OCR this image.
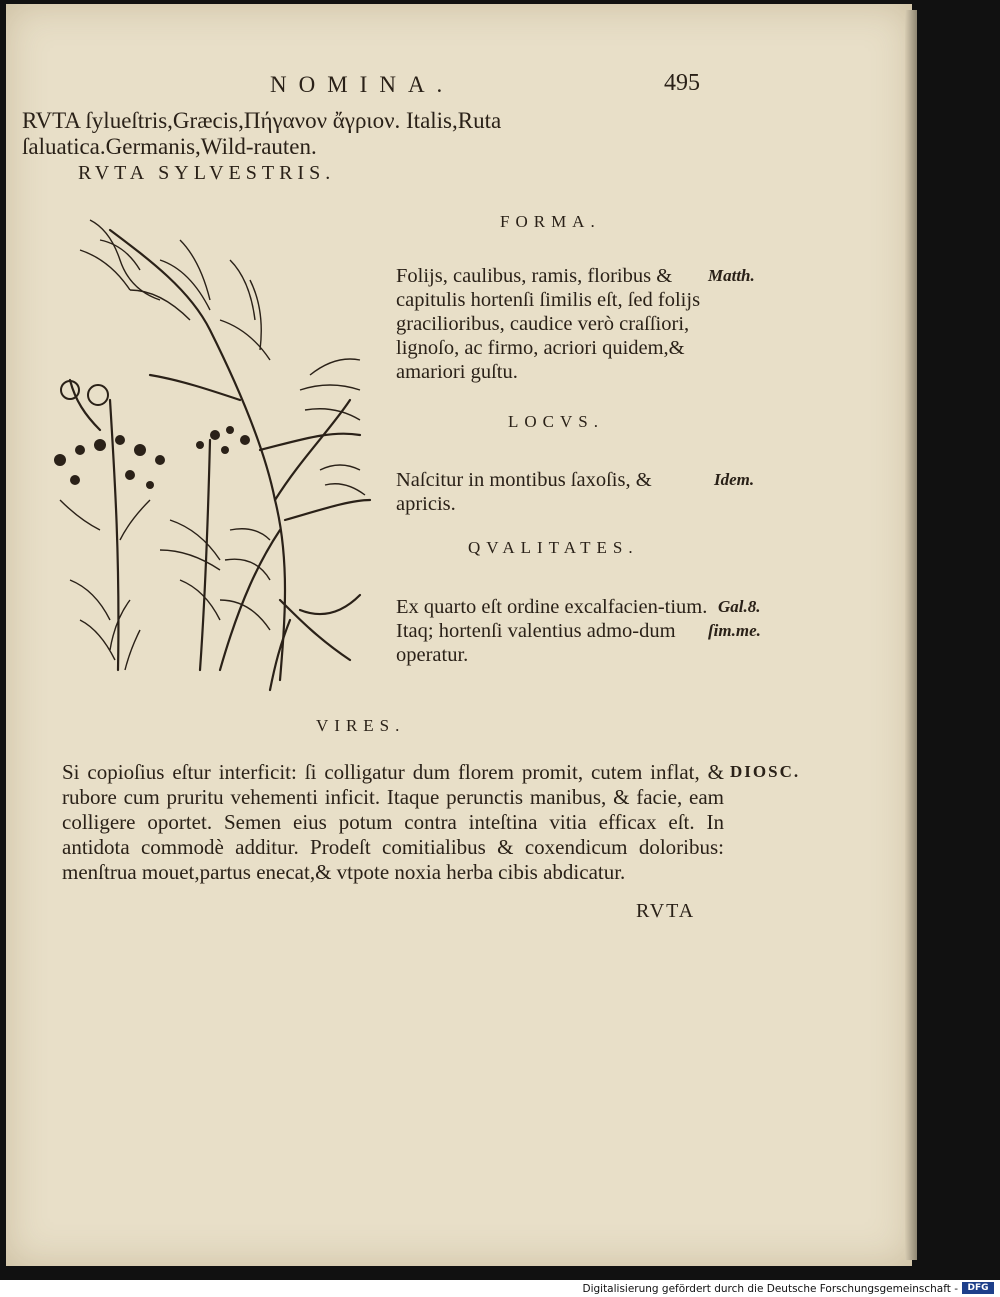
NOMINA.	495
RVTA ſylueſtris,Græcis,Πήγανον ἄγριον. Italis,Ruta ſaluatica.Germanis,Wild‑rauten.
RVTA SYLVESTRIS.
FORMA.
Folijs, caulibus, ramis, floribus & capitulis hortenſi ſimilis eſt, ſed folijs gracilioribus, caudice verò craſſiori, lignoſo, ac firmo, acriori quidem,& amariori guſtu.
Matth.
LOCVS.
Naſcitur in montibus ſaxoſis, & apricis.
Idem.
QVALITATES.
Ex quarto eſt ordine excalfacien‑tium. Itaq; hortenſi valentius admo‑dum operatur.
Gal.8.
ſim.me.
VIRES.
Si copioſius eſtur interficit: ſi colligatur dum florem promit, cutem inflat, & rubore cum pruritu vehementi inficit. Itaque perunctis manibus, & facie, eam colligere oportet. Semen eius potum contra inteſtina vitia efficax eſt. In antidota commodè additur. Prodeſt comitialibus & coxendicum doloribus: menſtrua mouet,partus enecat,& vtpote noxia herba cibis abdicatur.
DIOSC.
RVTA
Digitalisierung gefördert durch die Deutsche Forschungsgemeinschaft -	DFG
